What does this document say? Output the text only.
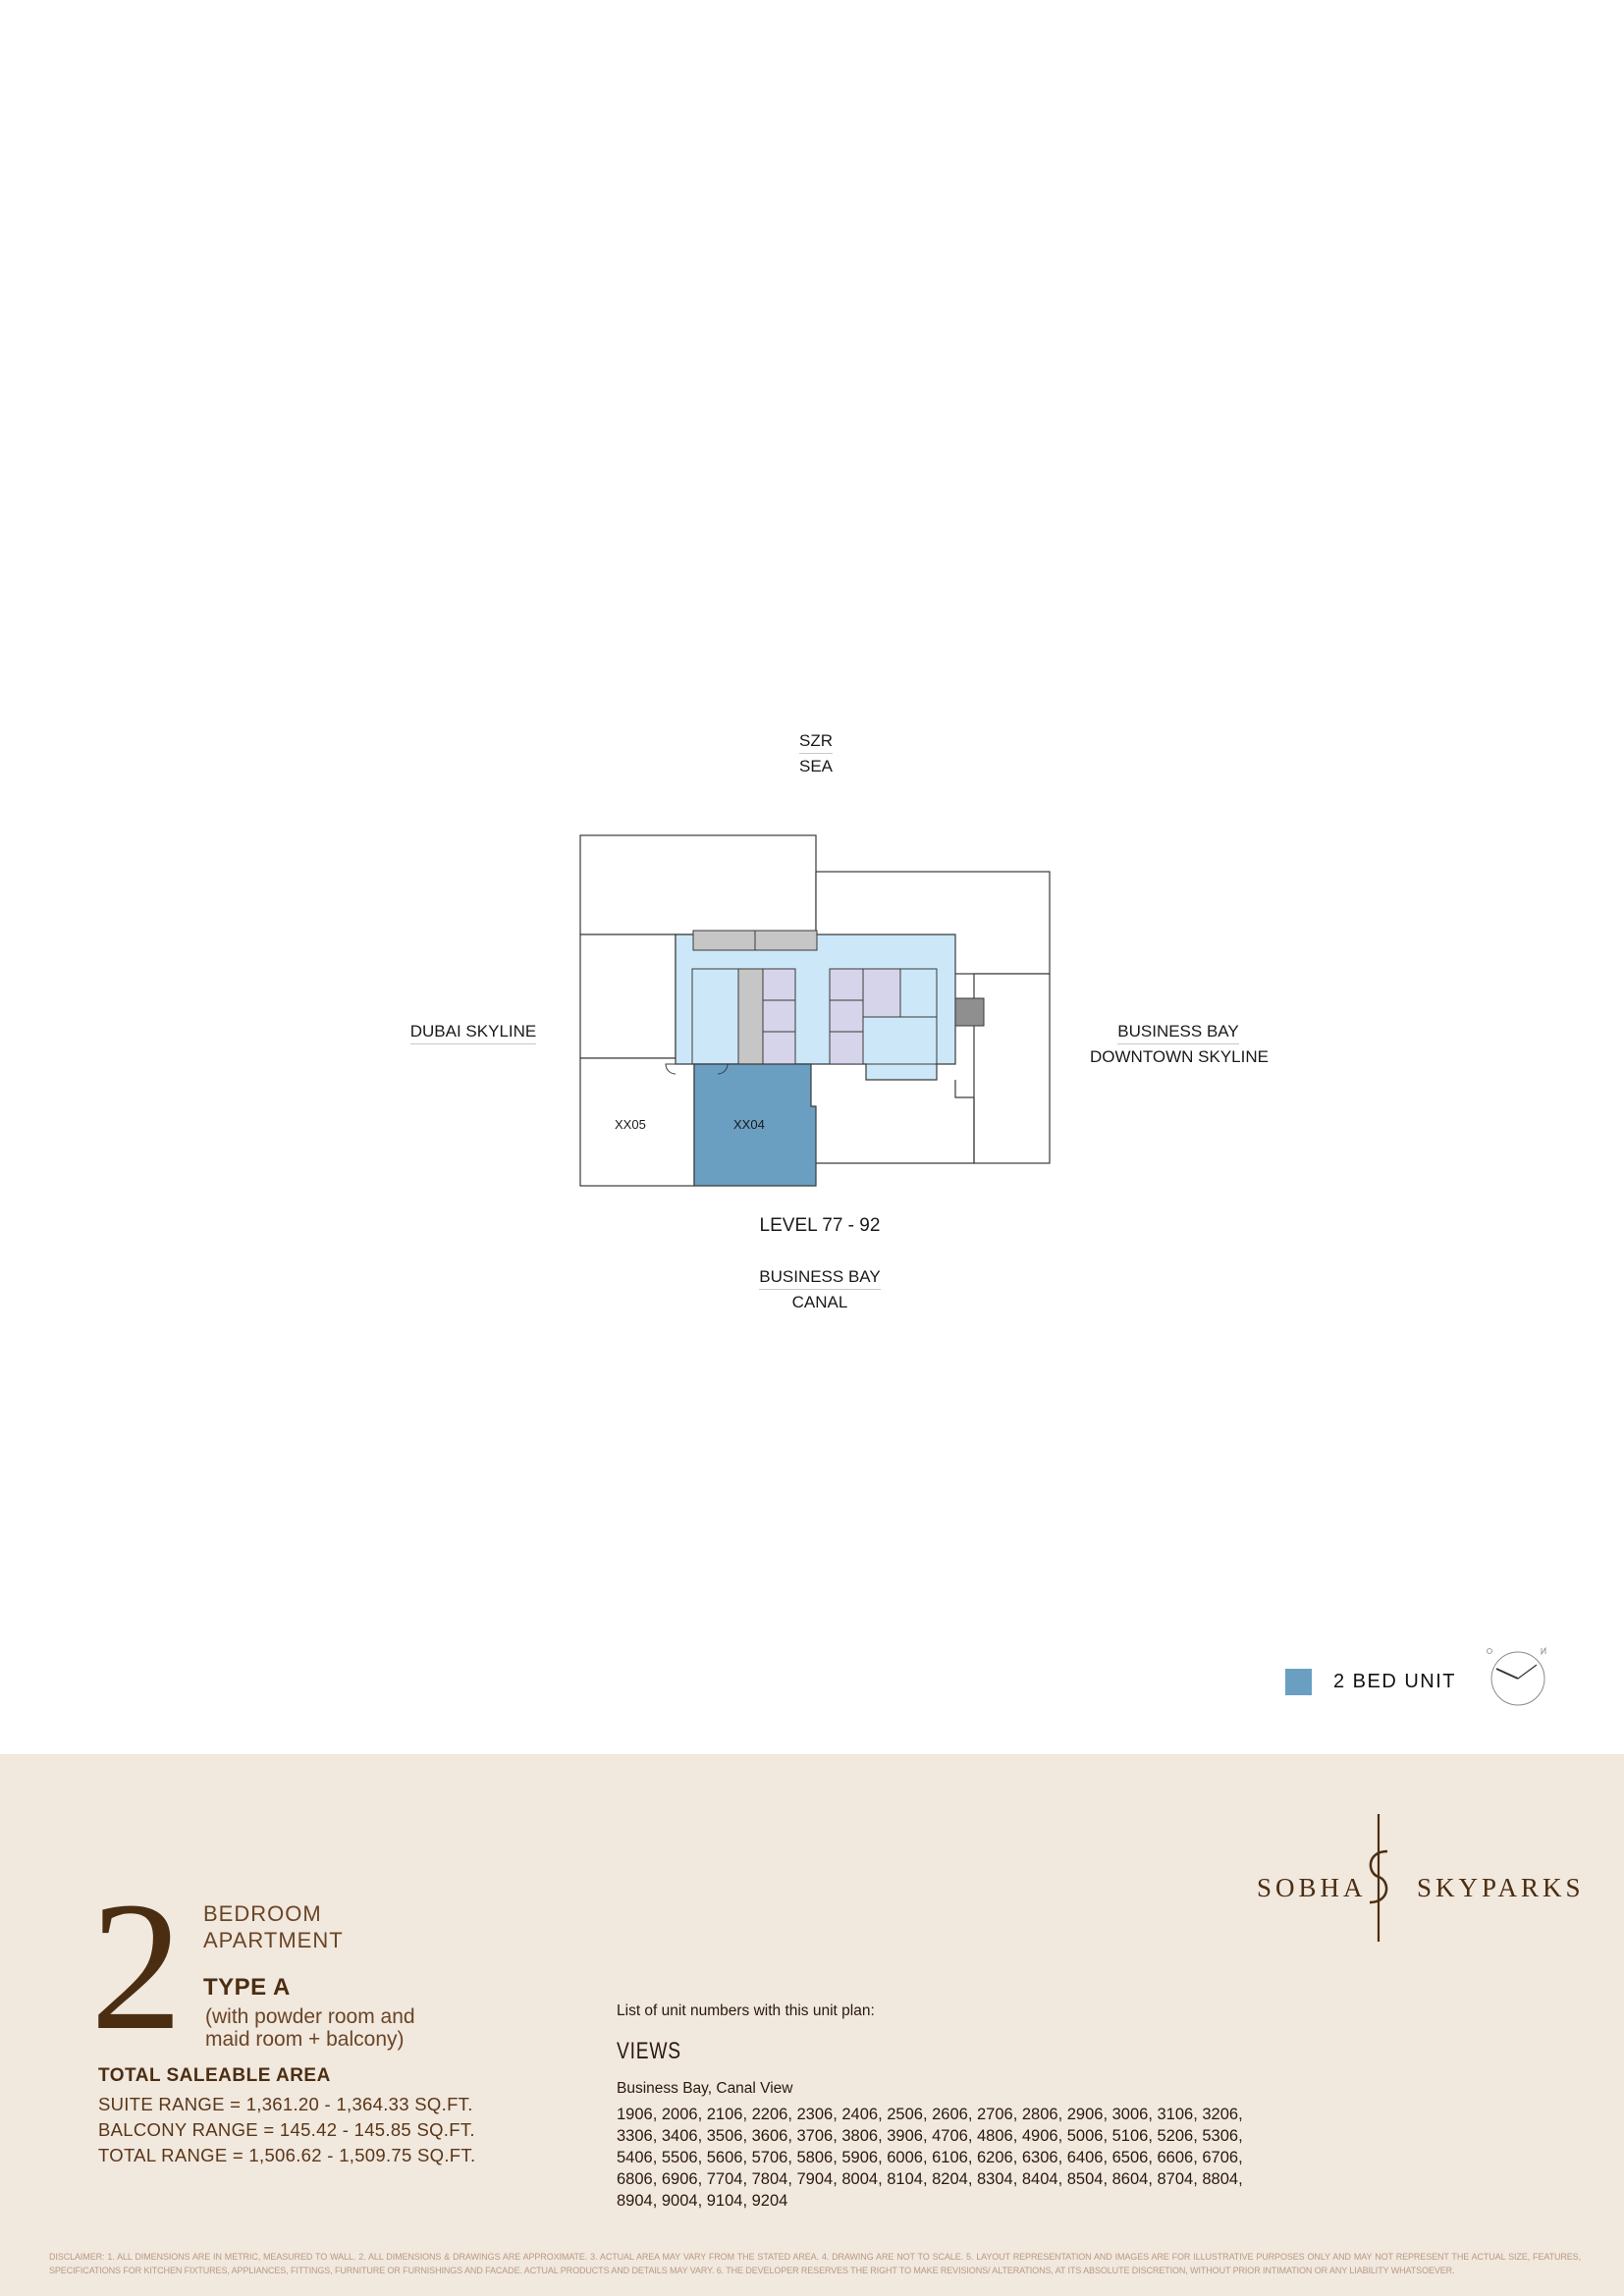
SZR
SEA
DUBAI SKYLINE	BUSINESS BAY
DOWNTOWN SKYLINE
BUSINESS BAY
CANAL
XX05	XX04
LEVEL 77 - 92
2 BED UNIT
2 BEDROOM
APARTMENT
TYPE A
(with powder room and
maid room + balcony)
TOTAL SALEABLE AREA
SUITE RANGE = 1,361.20 - 1,364.33 SQ.FT.
BALCONY RANGE = 145.42 - 145.85 SQ.FT.
TOTAL RANGE = 1,506.62 - 1,509.75 SQ.FT.
List of unit numbers with this unit plan:
VIEWS
Business Bay, Canal View
1906, 2006, 2106, 2206, 2306, 2406, 2506, 2606, 2706, 2806, 2906, 3006, 3106, 3206, 3306, 3406, 3506, 3606, 3706, 3806, 3906, 4706, 4806, 4906, 5006, 5106, 5206, 5306, 5406, 5506, 5606, 5706, 5806, 5906, 6006, 6106, 6206, 6306, 6406, 6506, 6606, 6706, 6806, 6906, 7704, 7804, 7904, 8004, 8104, 8204, 8304, 8404, 8504, 8604, 8704, 8804, 8904, 9004, 9104, 9204
SOBHA SKYPARKS
DISCLAIMER: 1. ALL DIMENSIONS ARE IN METRIC, MEASURED TO WALL. 2. ALL DIMENSIONS & DRAWINGS ARE APPROXIMATE. 3. ACTUAL AREA MAY VARY FROM THE STATED AREA. 4. DRAWING ARE NOT TO SCALE. 5. LAYOUT REPRESENTATION AND IMAGES ARE FOR ILLUSTRATIVE PURPOSES ONLY AND MAY NOT REPRESENT THE ACTUAL SIZE, FEATURES, SPECIFICATIONS FOR KITCHEN FIXTURES, APPLIANCES, FITTINGS, FURNITURE OR FURNISHINGS AND FACADE. ACTUAL PRODUCTS AND DETAILS MAY VARY. 6. THE DEVELOPER RESERVES THE RIGHT TO MAKE REVISIONS/ ALTERATIONS, AT ITS ABSOLUTE DISCRETION, WITHOUT PRIOR INTIMATION OR ANY LIABILITY WHATSOEVER.
